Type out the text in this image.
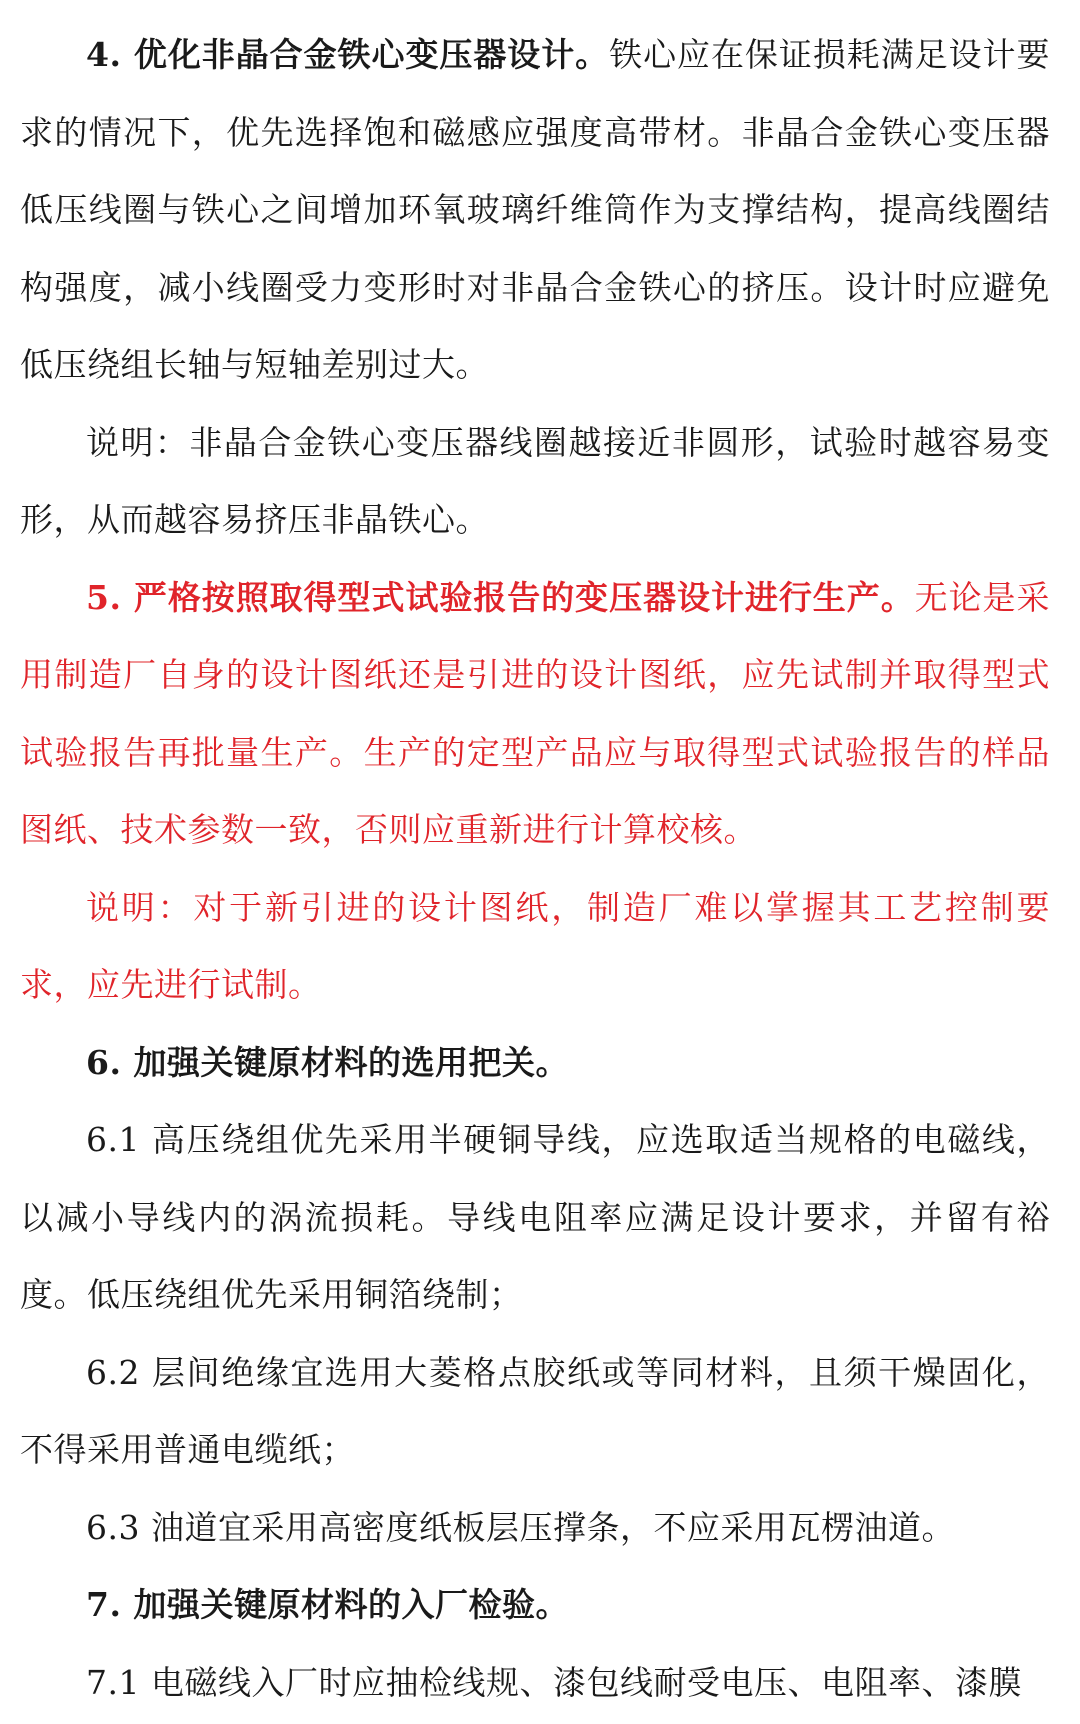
4. 优化非晶合金铁心变压器设计。铁心应在保证损耗满足设计要求的情况下，优先选择饱和磁感应强度高带材。非晶合金铁心变压器低压线圈与铁心之间增加环氧玻璃纤维筒作为支撑结构，提高线圈结构强度，减小线圈受力变形时对非晶合金铁心的挤压。设计时应避免低压绕组长轴与短轴差别过大。

说明：非晶合金铁心变压器线圈越接近非圆形，试验时越容易变形，从而越容易挤压非晶铁心。

5. 严格按照取得型式试验报告的变压器设计进行生产。无论是采用制造厂自身的设计图纸还是引进的设计图纸，应先试制并取得型式试验报告再批量生产。生产的定型产品应与取得型式试验报告的样品图纸、技术参数一致，否则应重新进行计算校核。

说明：对于新引进的设计图纸，制造厂难以掌握其工艺控制要求，应先进行试制。

6. 加强关键原材料的选用把关。

6.1 高压绕组优先采用半硬铜导线，应选取适当规格的电磁线，以减小导线内的涡流损耗。导线电阻率应满足设计要求，并留有裕度。低压绕组优先采用铜箔绕制；

6.2 层间绝缘宜选用大菱格点胶纸或等同材料，且须干燥固化，不得采用普通电缆纸；

6.3 油道宜采用高密度纸板层压撑条，不应采用瓦楞油道。

7. 加强关键原材料的入厂检验。

7.1 电磁线入厂时应抽检线规、漆包线耐受电压、电阻率、漆膜
